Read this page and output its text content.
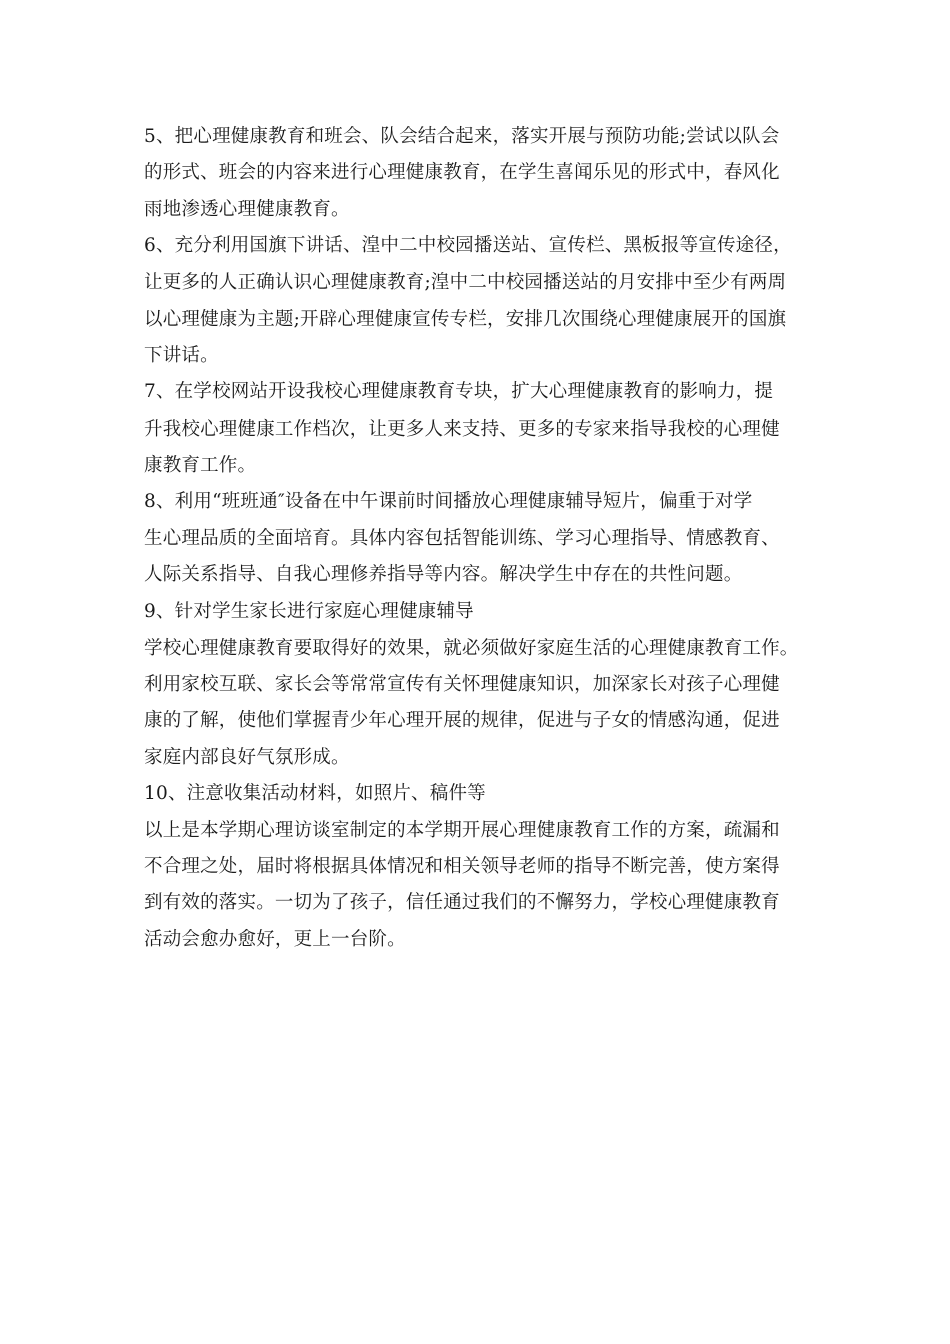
5、把心理健康教育和班会、队会结合起来，落实开展与预防功能;尝试以队会
的形式、班会的内容来进行心理健康教育，在学生喜闻乐见的形式中，春风化
雨地渗透心理健康教育。
6、充分利用国旗下讲话、湟中二中校园播送站、宣传栏、黑板报等宣传途径，
让更多的人正确认识心理健康教育;湟中二中校园播送站的月安排中至少有两周
以心理健康为主题;开辟心理健康宣传专栏，安排几次围绕心理健康展开的国旗
下讲话。
7、在学校网站开设我校心理健康教育专块，扩大心理健康教育的影响力，提
升我校心理健康工作档次，让更多人来支持、更多的专家来指导我校的心理健
康教育工作。
8、利用“班班通″设备在中午课前时间播放心理健康辅导短片，偏重于对学
生心理品质的全面培育。具体内容包括智能训练、学习心理指导、情感教育、
人际关系指导、自我心理修养指导等内容。解决学生中存在的共性问题。
9、针对学生家长进行家庭心理健康辅导
学校心理健康教育要取得好的效果，就必须做好家庭生活的心理健康教育工作。
利用家校互联、家长会等常常宣传有关怀理健康知识，加深家长对孩子心理健
康的了解，使他们掌握青少年心理开展的规律，促进与子女的情感沟通，促进
家庭内部良好气氛形成。
10、注意收集活动材料，如照片、稿件等
以上是本学期心理访谈室制定的本学期开展心理健康教育工作的方案，疏漏和
不合理之处，届时将根据具体情况和相关领导老师的指导不断完善，使方案得
到有效的落实。一切为了孩子，信任通过我们的不懈努力，学校心理健康教育
活动会愈办愈好，更上一台阶。
